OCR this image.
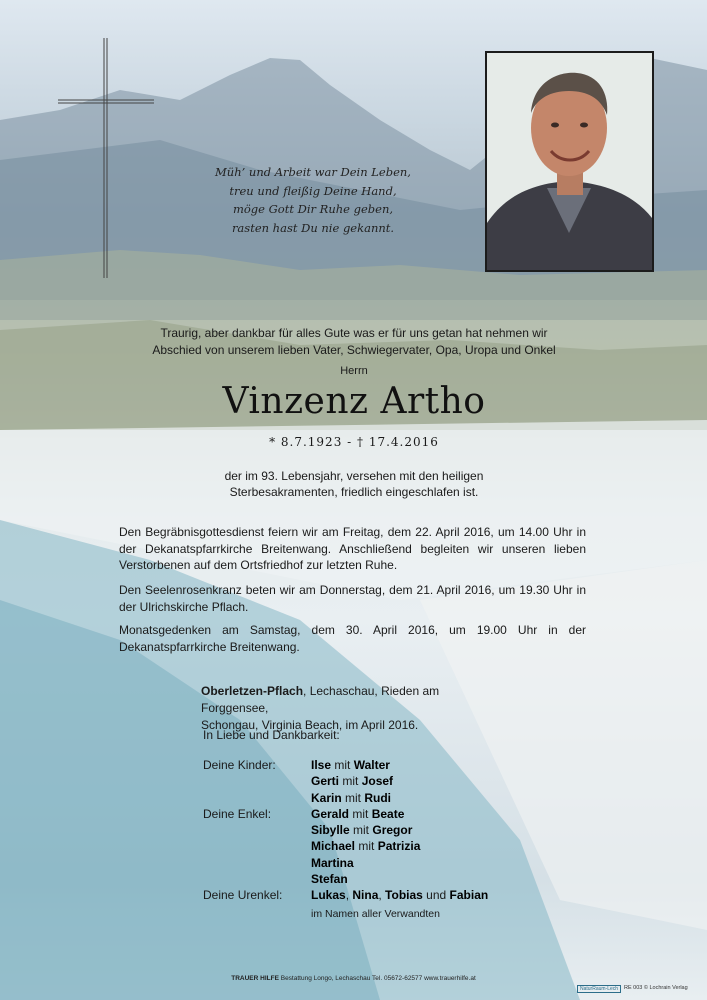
Müh’ und Arbeit war Dein Leben,
treu und fleißig Deine Hand,
möge Gott Dir Ruhe geben,
rasten hast Du nie gekannt.
Traurig, aber dankbar für alles Gute was er für uns getan hat nehmen wir
Abschied von unserem lieben Vater, Schwiegervater, Opa, Uropa und Onkel
Herrn
Vinzenz Artho
* 8.7.1923 - † 17.4.2016
der im 93. Lebensjahr, versehen mit den heiligen
Sterbesakramenten, friedlich eingeschlafen ist.
Den Begräbnisgottesdienst feiern wir am Freitag, dem 22. April 2016, um 14.00 Uhr in der Dekanatspfarrkirche Breitenwang. Anschließend begleiten wir unseren lieben Verstorbenen auf dem Ortsfriedhof zur letzten Ruhe.
Den Seelenrosenkranz beten wir am Donnerstag, dem 21. April 2016, um 19.30 Uhr in der Ulrichskirche Pflach.
Monatsgedenken am Samstag, dem 30. April 2016, um 19.00 Uhr in der Dekanatspfarrkirche Breitenwang.
Oberletzen-Pflach, Lechaschau, Rieden am Forggensee,
Schongau, Virginia Beach, im April 2016.
In Liebe und Dankbarkeit:
Deine Kinder:	Ilse mit Walter
Gerti mit Josef
Karin mit Rudi
Deine Enkel:	Gerald mit Beate
Sibylle mit Gregor
Michael mit Patrizia
Martina
Stefan
Deine Urenkel:	Lukas, Nina, Tobias und Fabian
im Namen aller Verwandten
TRAUER HILFE Bestattung Longo, Lechaschau Tel. 05672-62577 www.trauerhilfe.at
NaturRaum-Lech	RE 003 © Lochrain Verlag
